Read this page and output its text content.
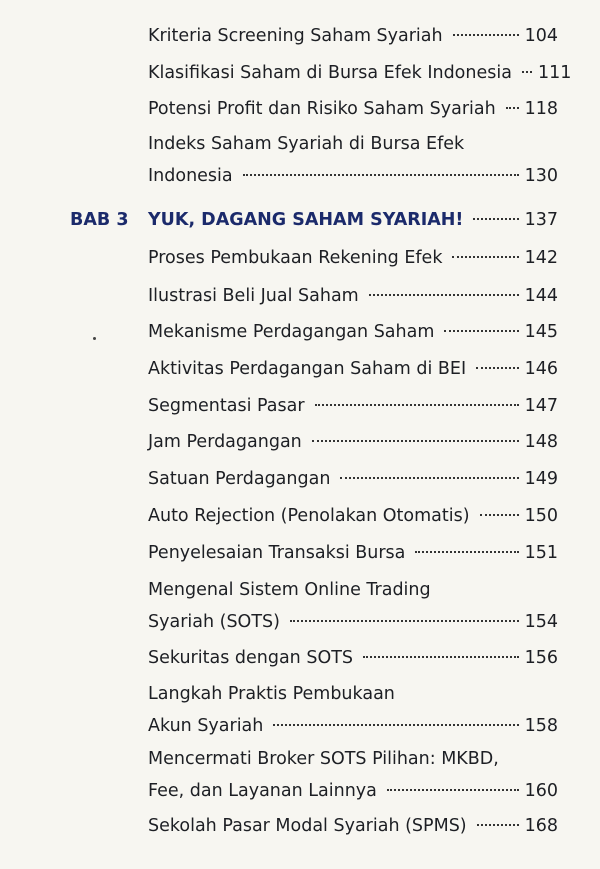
Kriteria Screening Saham Syariah	104
Klasifikasi Saham di Bursa Efek Indonesia 111
Potensi Profit dan Risiko Saham Syariah 118
Indeks Saham Syariah di Bursa Efek
Indonesia	130
BAB 3 YUK, DAGANG SAHAM SYARIAH!	137
Proses Pembukaan Rekening Efek	142
Ilustrasi Beli Jual Saham	144
Mekanisme Perdagangan Saham	145
Aktivitas Perdagangan Saham di BEI	146
Segmentasi Pasar	147
Jam Perdagangan	148
Satuan Perdagangan	149
Auto Rejection (Penolakan Otomatis)	150
Penyelesaian Transaksi Bursa	151
Mengenal Sistem Online Trading
Syariah (SOTS)	154
Sekuritas dengan SOTS	156
Langkah Praktis Pembukaan
Akun Syariah	158
Mencermati Broker SOTS Pilihan: MKBD,
Fee, dan Layanan Lainnya	160
Sekolah Pasar Modal Syariah (SPMS)	168
